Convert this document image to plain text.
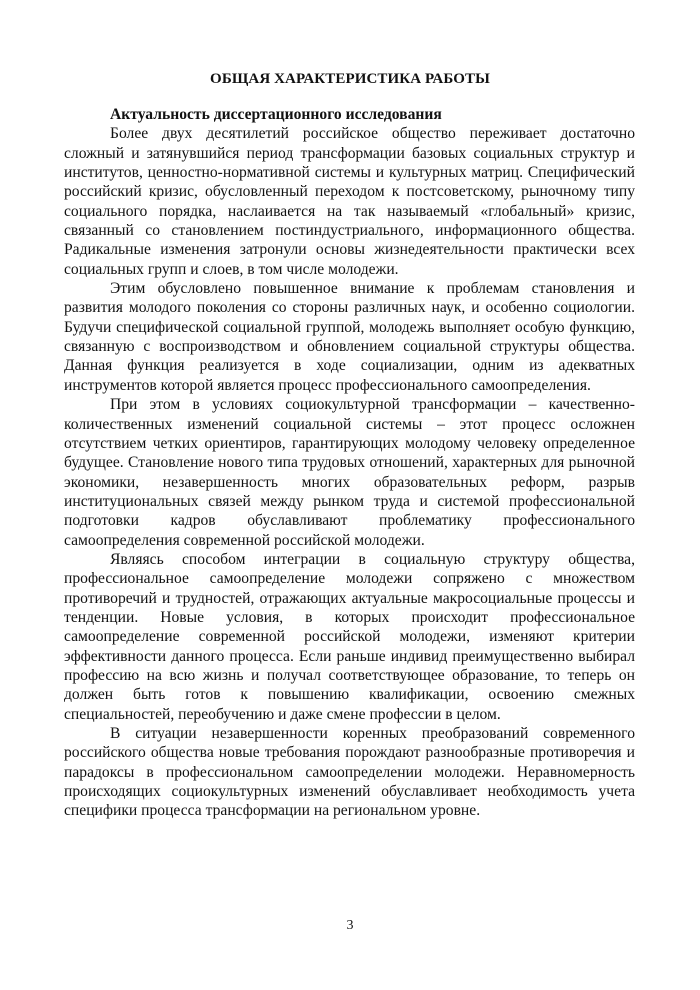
ОБЩАЯ ХАРАКТЕРИСТИКА РАБОТЫ

Актуальность диссертационного исследования

Более двух десятилетий российское общество переживает достаточно сложный и затянувшийся период трансформации базовых социальных структур и институтов, ценностно-нормативной системы и культурных матриц. Специфический российский кризис, обусловленный переходом к постсоветскому, рыночному типу социального порядка, наслаивается на так называемый «глобальный» кризис, связанный со становлением постиндустриального, информационного общества. Радикальные изменения затронули основы жизнедеятельности практически всех социальных групп и слоев, в том числе молодежи.

Этим обусловлено повышенное внимание к проблемам становления и развития молодого поколения со стороны различных наук, и особенно социологии. Будучи специфической социальной группой, молодежь выполняет особую функцию, связанную с воспроизводством и обновлением социальной структуры общества. Данная функция реализуется в ходе социализации, одним из адекватных инструментов которой является процесс профессионального самоопределения.

При этом в условиях социокультурной трансформации – качественно-количественных изменений социальной системы – этот процесс осложнен отсутствием четких ориентиров, гарантирующих молодому человеку определенное будущее. Становление нового типа трудовых отношений, характерных для рыночной экономики, незавершенность многих образовательных реформ, разрыв институциональных связей между рынком труда и системой профессиональной подготовки кадров обуславливают проблематику профессионального самоопределения современной российской молодежи.

Являясь способом интеграции в социальную структуру общества, профессиональное самоопределение молодежи сопряжено с множеством противоречий и трудностей, отражающих актуальные макросоциальные процессы и тенденции. Новые условия, в которых происходит профессиональное самоопределение современной российской молодежи, изменяют критерии эффективности данного процесса. Если раньше индивид преимущественно выбирал профессию на всю жизнь и получал соответствующее образование, то теперь он должен быть готов к повышению квалификации, освоению смежных специальностей, переобучению и даже смене профессии в целом.

В ситуации незавершенности коренных преобразований современного российского общества новые требования порождают разнообразные противоречия и парадоксы в профессиональном самоопределении молодежи. Неравномерность происходящих социокультурных изменений обуславливает необходимость учета специфики процесса трансформации на региональном уровне.

3
